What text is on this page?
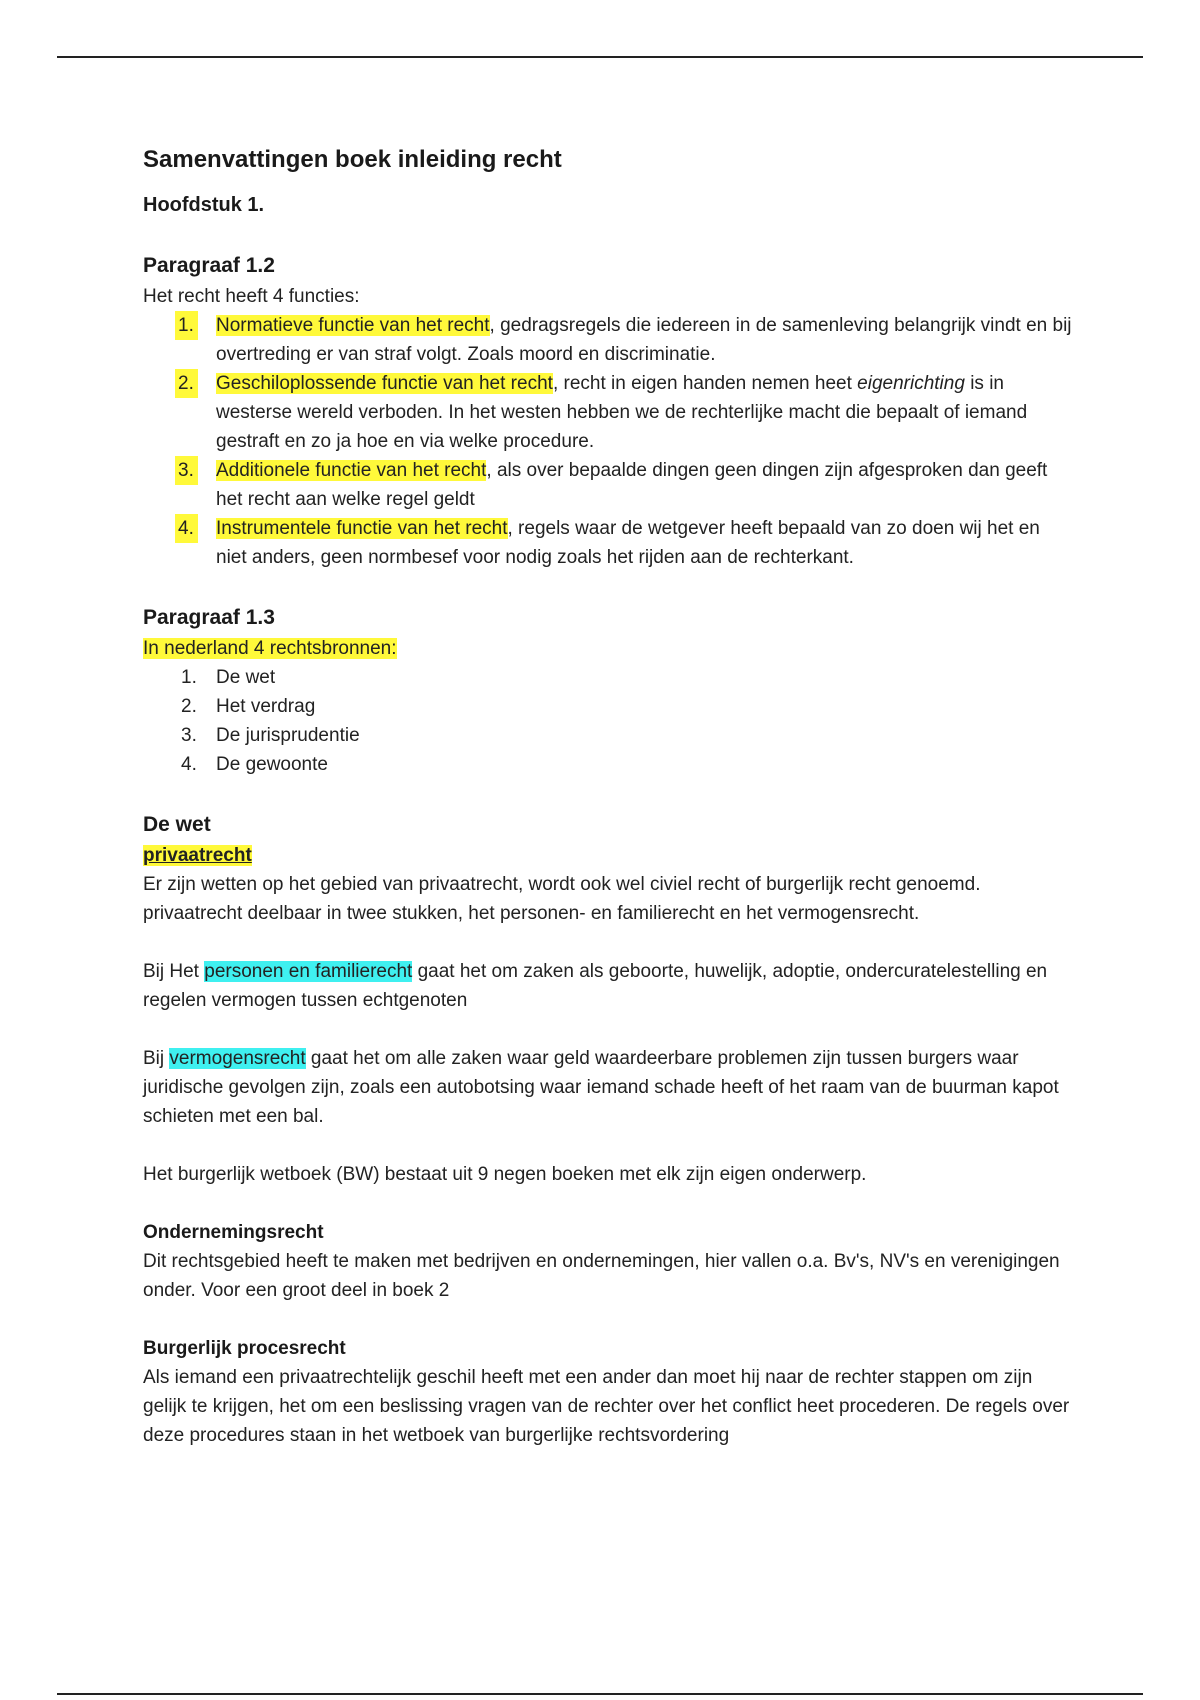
Samenvattingen boek inleiding recht
Hoofdstuk 1.
Paragraaf 1.2

Het recht heeft 4 functies:

1. Normatieve functie van het recht, gedragsregels die iedereen in de samenleving belangrijk vindt en bij overtreding er van straf volgt. Zoals moord en discriminatie.
2. Geschiloplossende functie van het recht, recht in eigen handen nemen heet eigenrichting is in westerse wereld verboden. In het westen hebben we de rechterlijke macht die bepaalt of iemand gestraft en zo ja hoe en via welke procedure.
3. Additionele functie van het recht, als over bepaalde dingen geen dingen zijn afgesproken dan geeft het recht aan welke regel geldt
4. Instrumentele functie van het recht, regels waar de wetgever heeft bepaald van zo doen wij het en niet anders, geen normbesef voor nodig zoals het rijden aan de rechterkant.
Paragraaf 1.3

In nederland 4 rechtsbronnen:

1. De wet
2. Het verdrag
3. De jurisprudentie
4. De gewoonte
De wet

privaatrecht

Er zijn wetten op het gebied van privaatrecht, wordt ook wel civiel recht of burgerlijk recht genoemd. privaatrecht deelbaar in twee stukken, het personen- en familierecht en het vermogensrecht.

Bij Het personen en familierecht gaat het om zaken als geboorte, huwelijk, adoptie, ondercuratelestelling en regelen vermogen tussen echtgenoten

Bij vermogensrecht gaat het om alle zaken waar geld waardeerbare problemen zijn tussen burgers waar juridische gevolgen zijn, zoals een autobotsing waar iemand schade heeft of het raam van de buurman kapot schieten met een bal.

Het burgerlijk wetboek (BW) bestaat uit 9 negen boeken met elk zijn eigen onderwerp.

Ondernemingsrecht

Dit rechtsgebied heeft te maken met bedrijven en ondernemingen, hier vallen o.a. Bv's, NV's en verenigingen onder. Voor een groot deel in boek 2

Burgerlijk procesrecht

Als iemand een privaatrechtelijk geschil heeft met een ander dan moet hij naar de rechter stappen om zijn gelijk te krijgen, het om een beslissing vragen van de rechter over het conflict heet procederen. De regels over deze procedures staan in het wetboek van burgerlijke rechtsvordering
